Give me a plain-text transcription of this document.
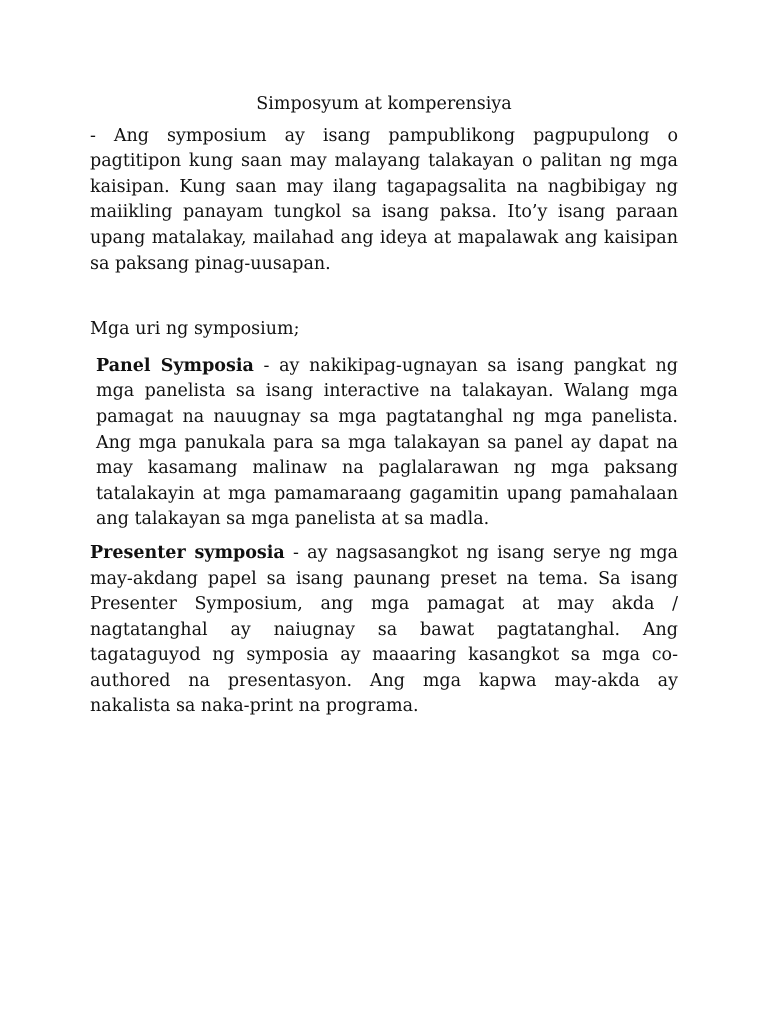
Simposyum at komperensiya

- Ang symposium ay isang pampublikong pagpupulong o pagtitipon kung saan may malayang talakayan o palitan ng mga kaisipan. Kung saan may ilang tagapagsalita na nagbibigay ng maiikling panayam tungkol sa isang paksa. Ito’y isang paraan upang matalakay, mailahad ang ideya at mapalawak ang kaisipan sa paksang pinag-uusapan.

Mga uri ng symposium;

Panel Symposia - ay nakikipag-ugnayan sa isang pangkat ng mga panelista sa isang interactive na talakayan. Walang mga pamagat na nauugnay sa mga pagtatanghal ng mga panelista. Ang mga panukala para sa mga talakayan sa panel ay dapat na may kasamang malinaw na paglalarawan ng mga paksang tatalakayin at mga pamamaraang gagamitin upang pamahalaan ang talakayan sa mga panelista at sa madla.

Presenter symposia - ay nagsasangkot ng isang serye ng mga may-akdang papel sa isang paunang preset na tema. Sa isang Presenter Symposium, ang mga pamagat at may akda / nagtatanghal ay naiugnay sa bawat pagtatanghal. Ang tagataguyod ng symposia ay maaaring kasangkot sa mga co-authored na presentasyon. Ang mga kapwa may-akda ay nakalista sa naka-print na programa.
